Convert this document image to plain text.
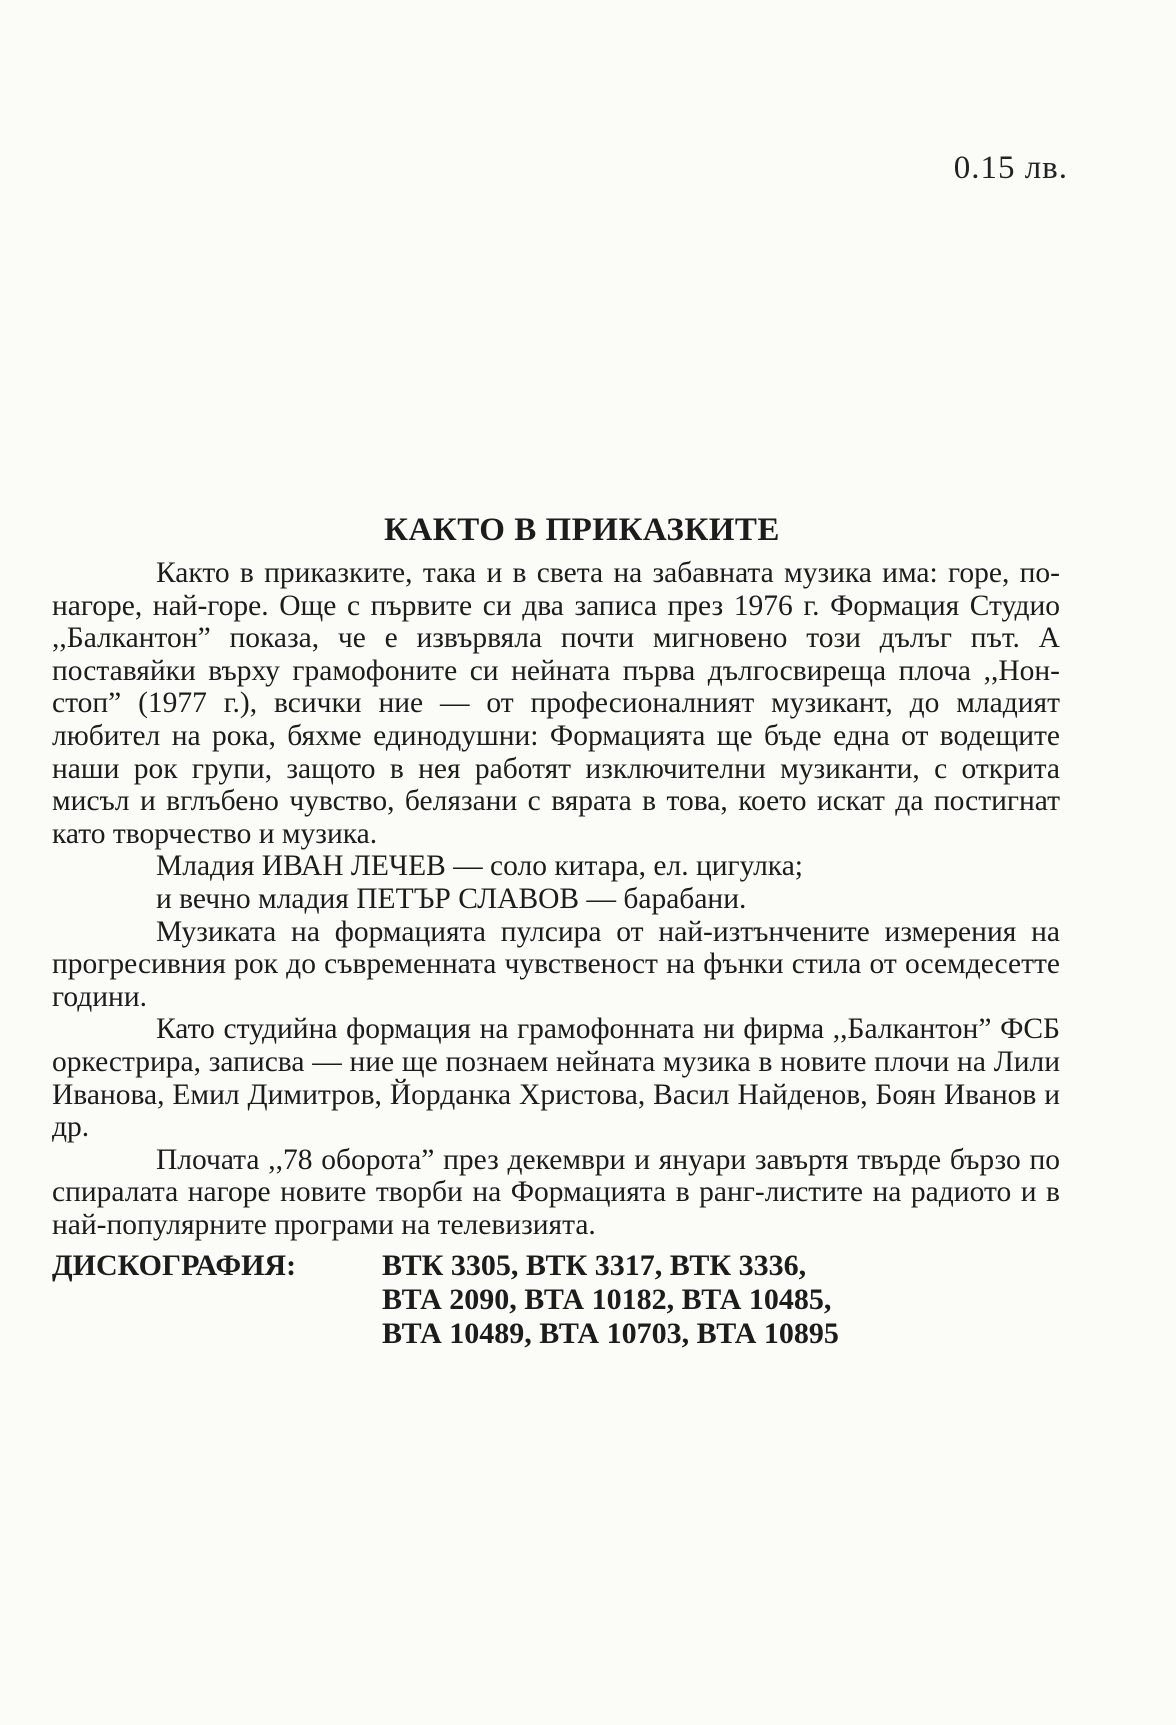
0.15 лв.
КАКТО В ПРИКАЗКИТЕ

Както в приказките, така и в света на забавната музика има: горе, по-нагоре, най-горе. Още с първите си два записа през 1976 г. Формация Студио ,,Балкантон” показа, че е извървяла почти мигновено този дълъг път. А поставяйки върху грамофоните си нейната първа дългосвиреща плоча ,,Нон-стоп” (1977 г.), всички ние — от професионалният музикант, до младият любител на рока, бяхме единодушни: Формацията ще бъде една от водещите наши рок групи, защото в нея работят изключителни музиканти, с открита мисъл и вглъбено чувство, белязани с вярата в това, което искат да постигнат като творчество и музика.

Младия ИВАН ЛЕЧЕВ — соло китара, ел. цигулка;

и вечно младия ПЕТЪР СЛАВОВ — барабани.

Музиката на формацията пулсира от най-изтънчените измерения на прогресивния рок до съвременната чувственост на фънки стила от осемдесетте години.

Като студийна формация на грамофонната ни фирма ,,Балкантон” ФСБ оркестрира, записва — ние ще познаем нейната музика в новите плочи на Лили Иванова, Емил Димитров, Йорданка Христова, Васил Найденов, Боян Иванов и др.

Плочата ,,78 оборота” през декември и януари завъртя твърде бързо по спиралата нагоре новите творби на Формацията в ранг-листите на радиото и в най-популярните програми на телевизията.

ДИСКОГРАФИЯ:	ВТК 3305, ВТК 3317, ВТК 3336,
ВТА 2090, ВТА 10182, ВТА 10485,
ВТА 10489, ВТА 10703, ВТА 10895
